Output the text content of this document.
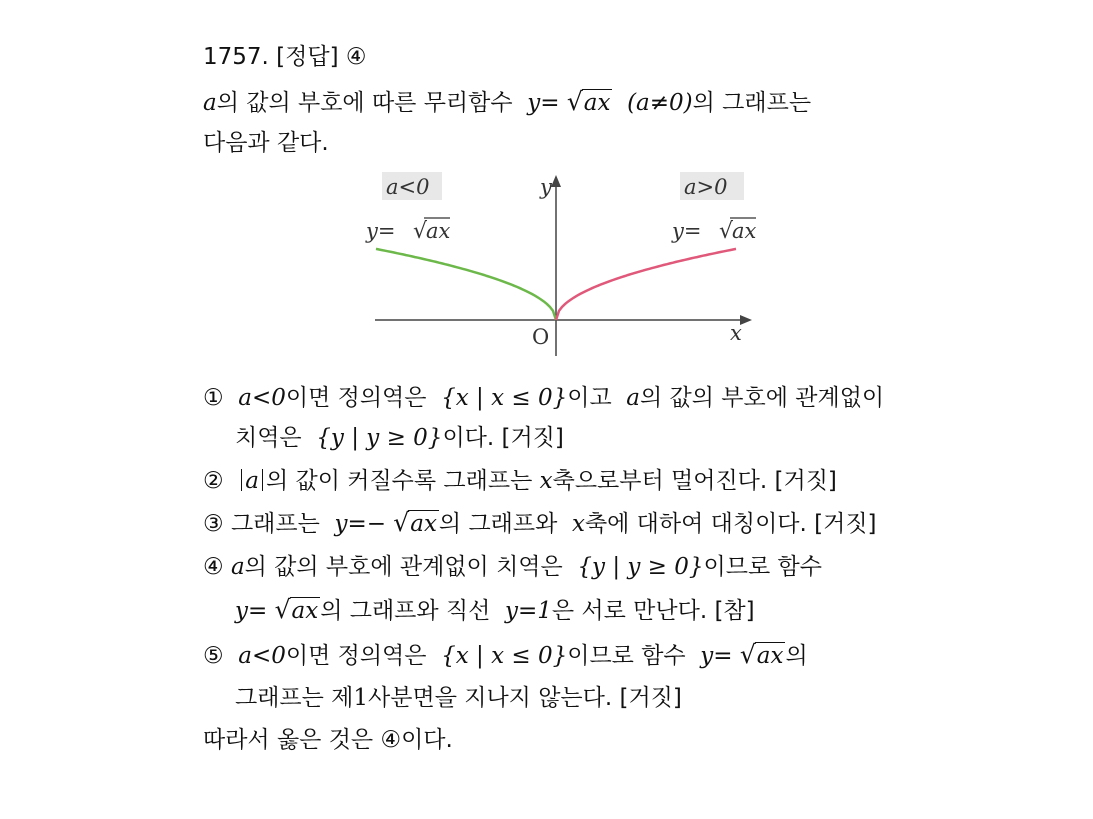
1757. [정답] ④
a의 값의 부호에 따른 무리함수 y= √ax (a≠0)의 그래프는
다음과 같다.
a<0	a>0
y= √
ax	y= √
ax
x
y
O
① a<0이면 정의역은 {x | x ≤ 0}이고 a의 값의 부호에 관계없이
치역은 {y | y ≥ 0}이다. [거짓]
② a 의 값이 커질수록 그래프는 x축으로부터 멀어진다. [거짓]
③ 그래프는 y=− √ax의 그래프와 x축에 대하여 대칭이다. [거짓]
④ a의 값의 부호에 관계없이 치역은 {y | y ≥ 0}이므로 함수
y= √ax의 그래프와 직선 y=1은 서로 만난다. [참]
⑤ a<0이면 정의역은 {x | x ≤ 0}이므로 함수 y= √ax의
그래프는 제1사분면을 지나지 않는다. [거짓]
따라서 옳은 것은 ④이다.
